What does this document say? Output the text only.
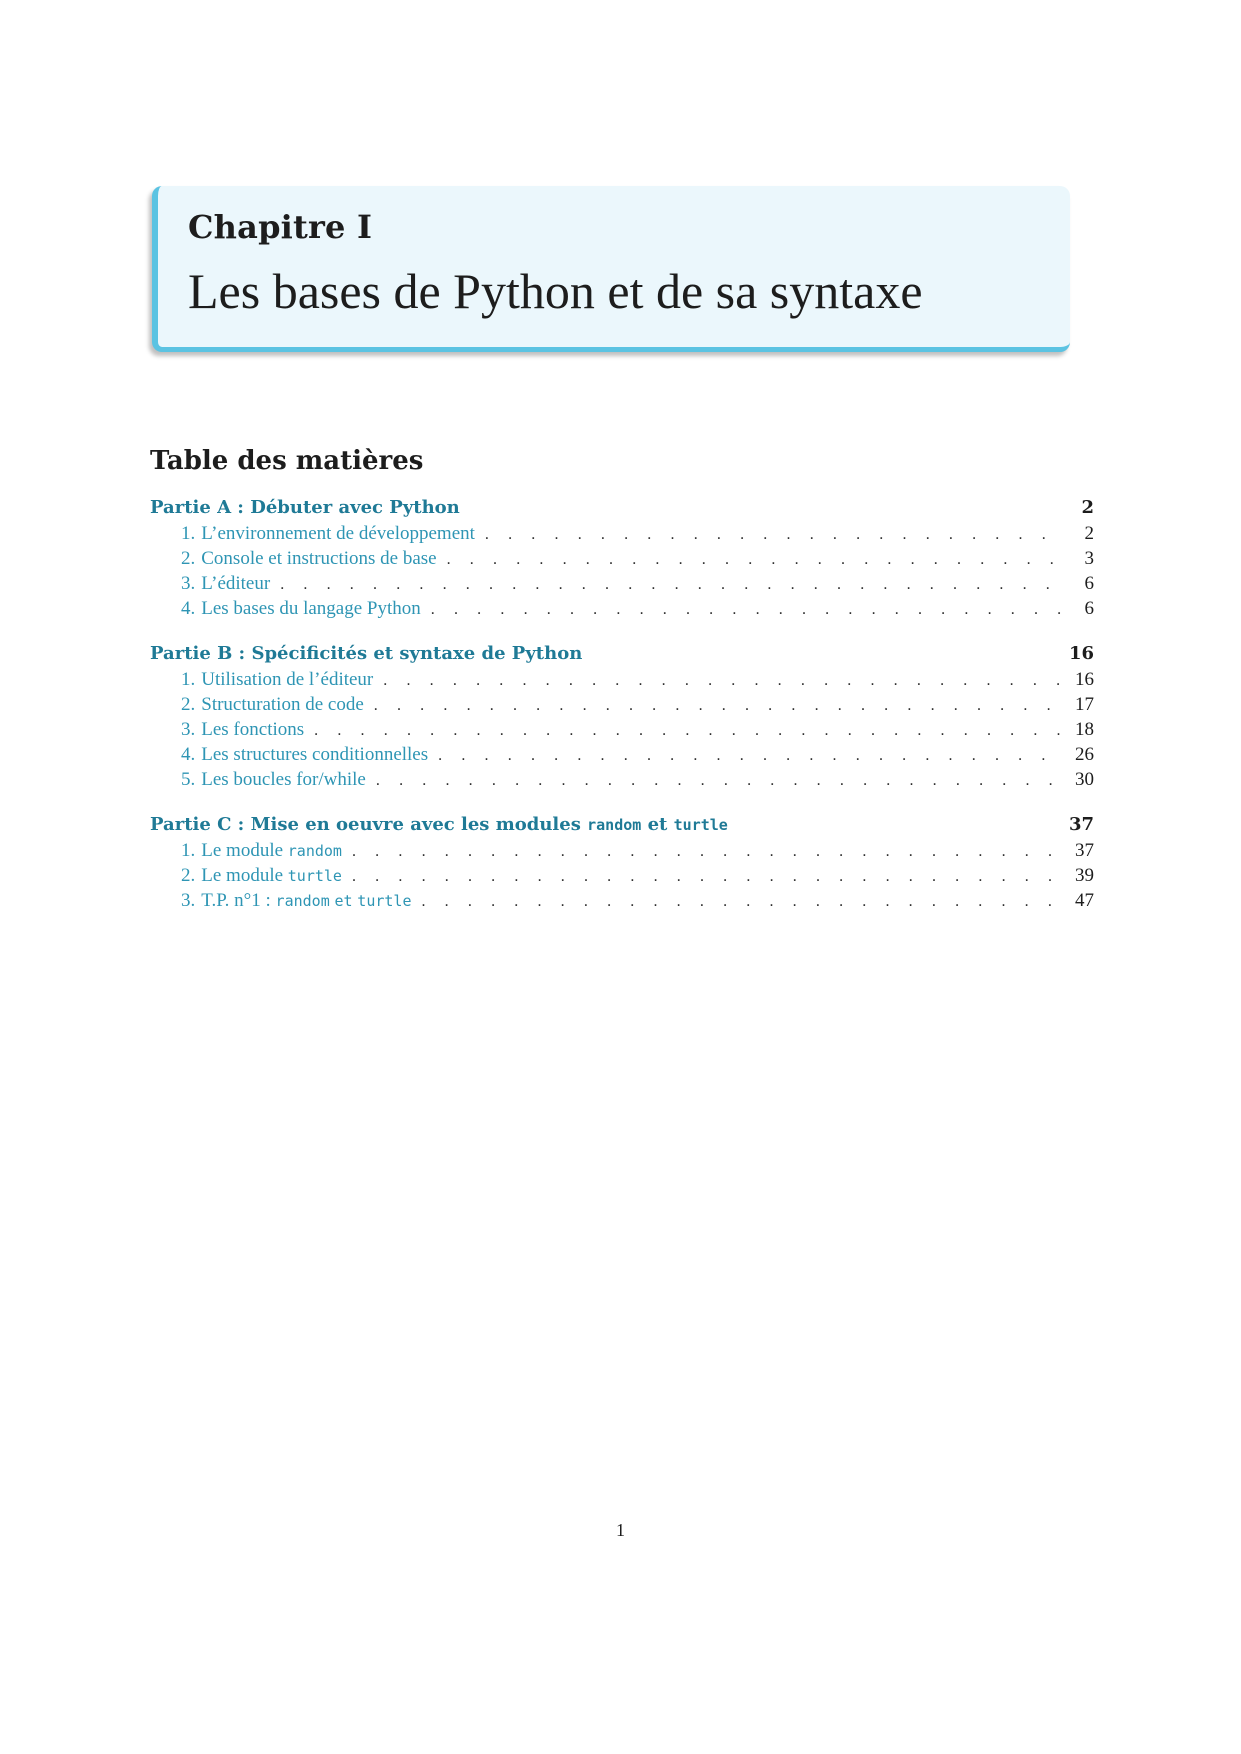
Chapitre I
Les bases de Python et de sa syntaxe
Table des matières
Partie A : Débuter avec Python	2
1. L’environnement de développement . . .	2
2. Console et instructions de base . . .	3
3. L’éditeur . . .	6
4. Les bases du langage Python . . .	6
Partie B : Spécificités et syntaxe de Python	16
1. Utilisation de l’éditeur . . .	16
2. Structuration de code . . .	17
3. Les fonctions . . .	18
4. Les structures conditionnelles . . .	26
5. Les boucles for/while . . .	30
Partie C : Mise en oeuvre avec les modules random et turtle	37
1. Le module random . . .	37
2. Le module turtle . . .	39
3. T.P. n°1 : random et turtle . . .	47
1
